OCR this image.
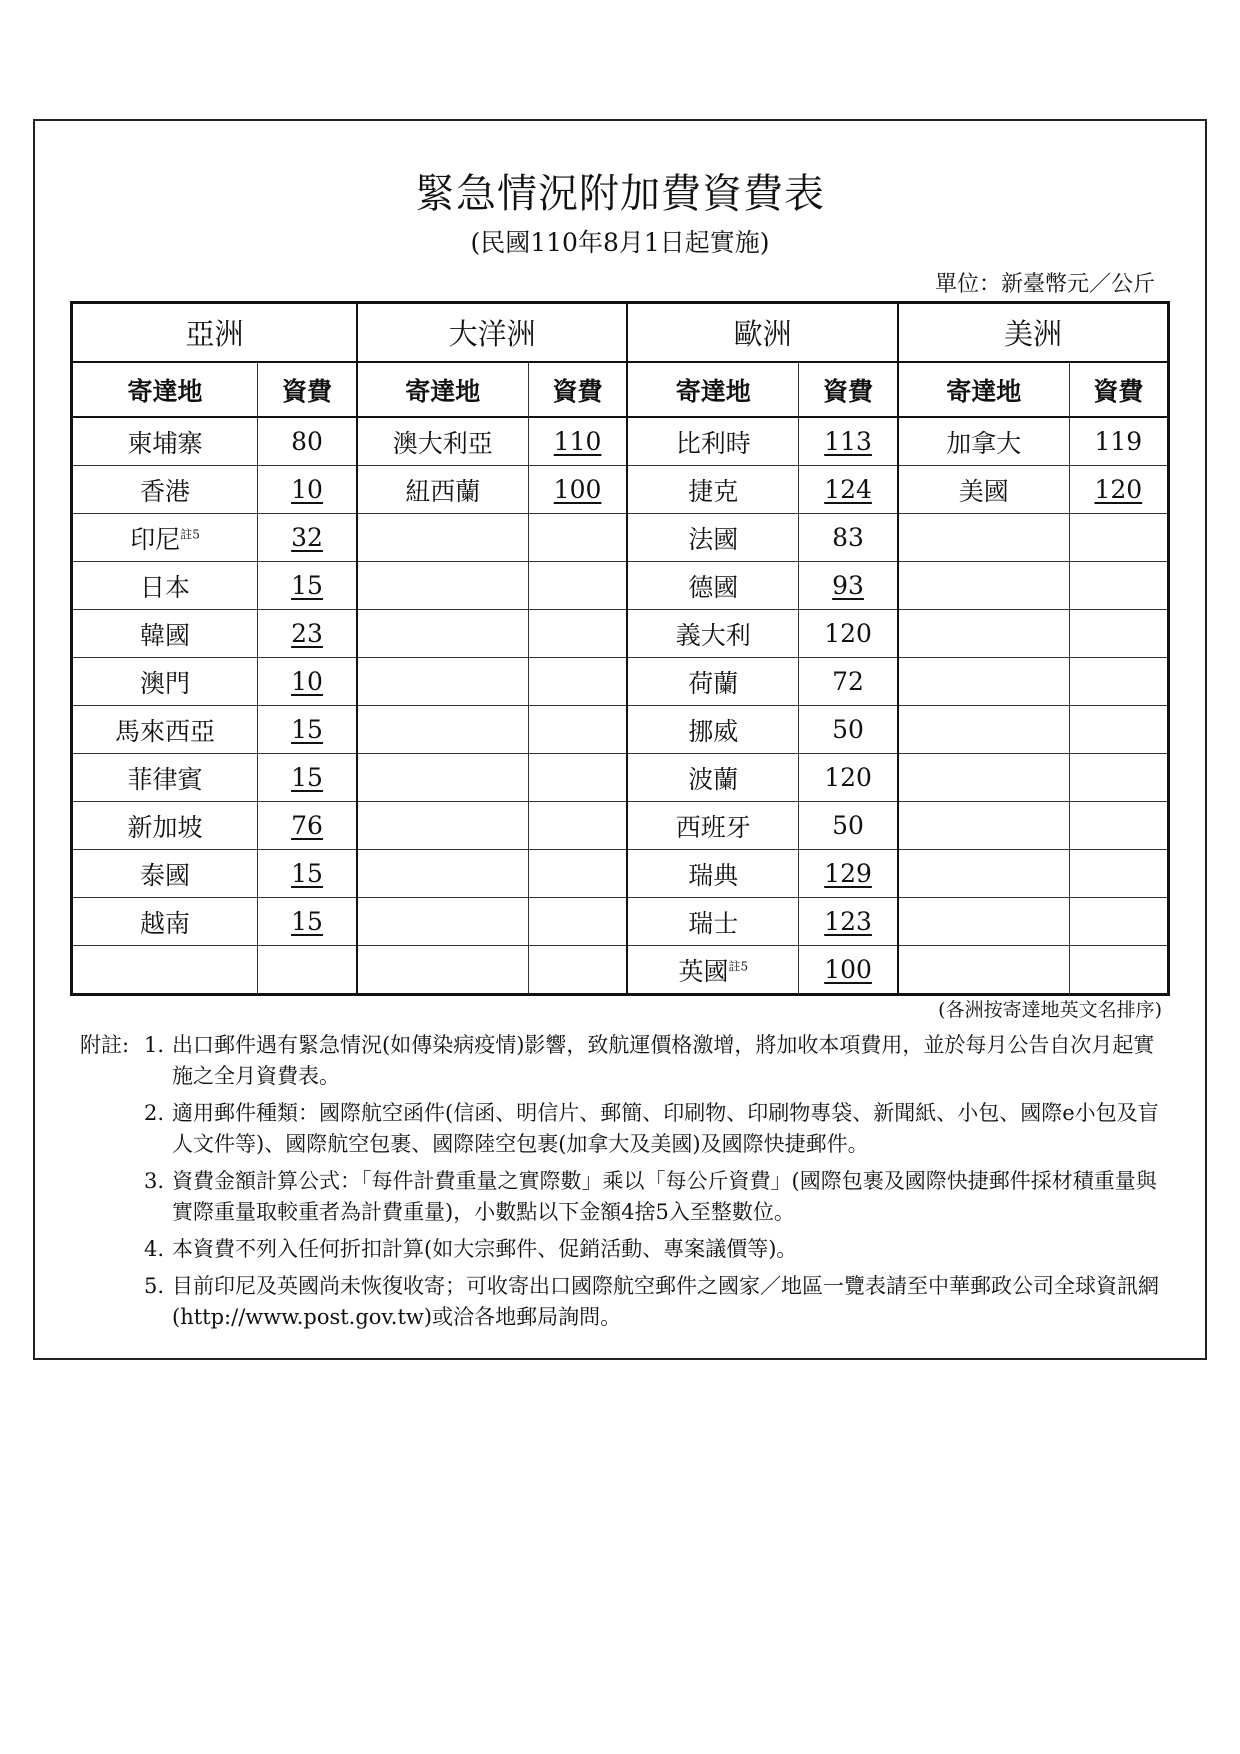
緊急情況附加費資費表
(民國110年8月1日起實施)
單位：新臺幣元／公斤
亞洲		大洋洲		歐洲		美洲	
寄達地	資費	寄達地	資費	寄達地	資費	寄達地	資費
柬埔寨	80	澳大利亞	110	比利時	113	加拿大	119
香港	10	紐西蘭	100	捷克	124	美國	120
印尼$^{註5}$	32			法國	83		
日本	15			德國	93		
韓國	23			義大利	120		
澳門	10			荷蘭	72		
馬來西亞	15			挪威	50		
菲律賓	15			波蘭	120		
新加坡	76			西班牙	50		
泰國	15			瑞典	129		
越南	15			瑞士	123		
				英國$^{註5}$	100		
(各洲按寄達地英文名排序)
附註: 1. 出口郵件遇有緊急情況(如傳染病疫情)影響，致航運價格激增，將加收本項費用，並於每月公告自次月起實施之全月資費表。
2. 適用郵件種類：國際航空函件(信函、明信片、郵簡、印刷物、印刷物專袋、新聞紙、小包、國際e小包及盲人文件等)、國際航空包裹、國際陸空包裹(加拿大及美國)及國際快捷郵件。
3. 資費金額計算公式：「每件計費重量之實際數」乘以「每公斤資費」(國際包裹及國際快捷郵件採材積重量與實際重量取較重者為計費重量)，小數點以下金額4捨5入至整數位。
4. 本資費不列入任何折扣計算(如大宗郵件、促銷活動、專案議價等)。
5. 目前印尼及英國尚未恢復收寄；可收寄出口國際航空郵件之國家／地區一覽表請至中華郵政公司全球資訊網(http://www.post.gov.tw)或洽各地郵局詢問。
